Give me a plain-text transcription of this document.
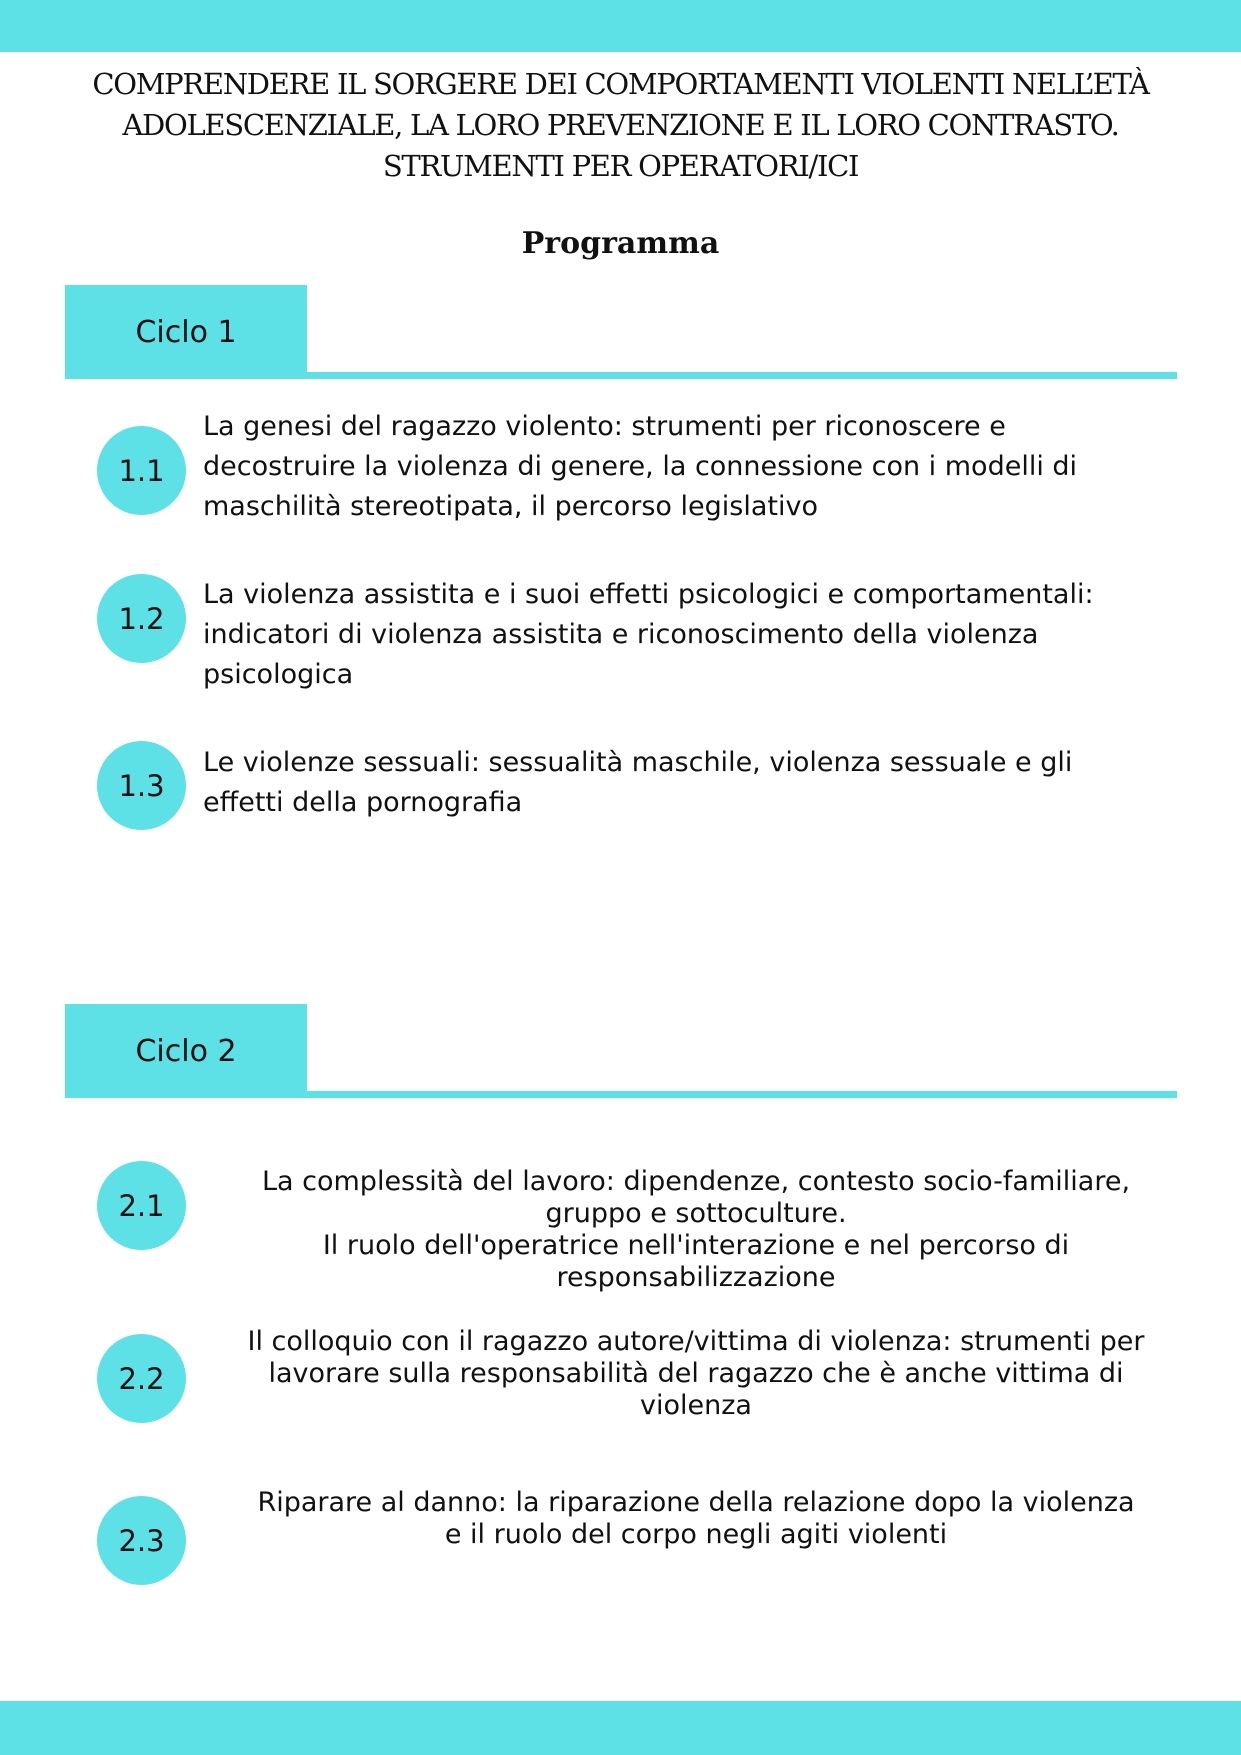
COMPRENDERE IL SORGERE DEI COMPORTAMENTI VIOLENTI NELL’ETÀ
ADOLESCENZIALE, LA LORO PREVENZIONE E IL LORO CONTRASTO.
STRUMENTI PER OPERATORI/ICI
Programma
Ciclo 1
1.1

La genesi del ragazzo violento: strumenti per riconoscere e
decostruire la violenza di genere, la connessione con i modelli di
maschilità stereotipata, il percorso legislativo

1.2

La violenza assistita e i suoi effetti psicologici e comportamentali:
indicatori di violenza assistita e riconoscimento della violenza
psicologica

1.3

Le violenze sessuali: sessualità maschile, violenza sessuale e gli
effetti della pornografia

Ciclo 2
2.1

La complessità del lavoro: dipendenze, contesto socio-familiare,
gruppo e sottoculture.
Il ruolo dell'operatrice nell'interazione e nel percorso di
responsabilizzazione

2.2

Il colloquio con il ragazzo autore/vittima di violenza: strumenti per
lavorare sulla responsabilità del ragazzo che è anche vittima di
violenza

2.3

Riparare al danno: la riparazione della relazione dopo la violenza
e il ruolo del corpo negli agiti violenti
